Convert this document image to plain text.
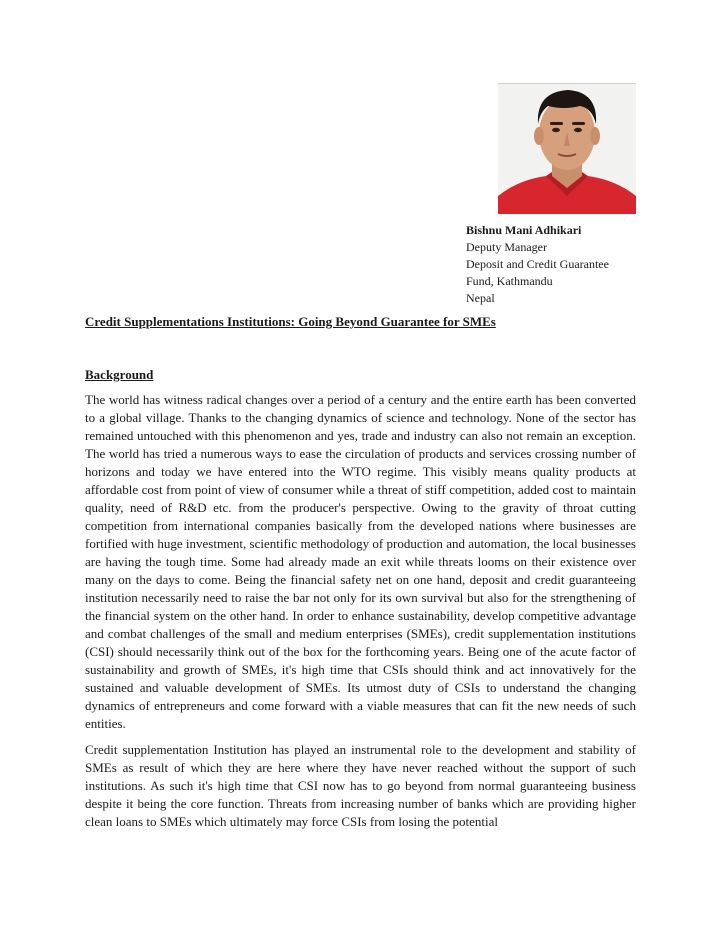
Bishnu Mani Adhikari
Deputy Manager
Deposit and Credit Guarantee
Fund, Kathmandu
Nepal
Credit Supplementations Institutions: Going Beyond Guarantee for SMEs
Background

The world has witness radical changes over a period of a century and the entire earth has been converted to a global village. Thanks to the changing dynamics of science and technology. None of the sector has remained untouched with this phenomenon and yes, trade and industry can also not remain an exception. The world has tried a numerous ways to ease the circulation of products and services crossing number of horizons and today we have entered into the WTO regime. This visibly means quality products at affordable cost from point of view of consumer while a threat of stiff competition, added cost to maintain quality, need of R&D etc. from the producer's perspective. Owing to the gravity of throat cutting competition from international companies basically from the developed nations where businesses are fortified with huge investment, scientific methodology of production and automation, the local businesses are having the tough time. Some had already made an exit while threats looms on their existence over many on the days to come. Being the financial safety net on one hand, deposit and credit guaranteeing institution necessarily need to raise the bar not only for its own survival but also for the strengthening of the financial system on the other hand. In order to enhance sustainability, develop competitive advantage and combat challenges of the small and medium enterprises (SMEs), credit supplementation institutions (CSI) should necessarily think out of the box for the forthcoming years. Being one of the acute factor of sustainability and growth of SMEs, it's high time that CSIs should think and act innovatively for the sustained and valuable development of SMEs. Its utmost duty of CSIs to understand the changing dynamics of entrepreneurs and come forward with a viable measures that can fit the new needs of such entities.

Credit supplementation Institution has played an instrumental role to the development and stability of SMEs as result of which they are here where they have never reached without the support of such institutions. As such it's high time that CSI now has to go beyond from normal guaranteeing business despite it being the core function. Threats from increasing number of banks which are providing higher clean loans to SMEs which ultimately may force CSIs from losing the potential
